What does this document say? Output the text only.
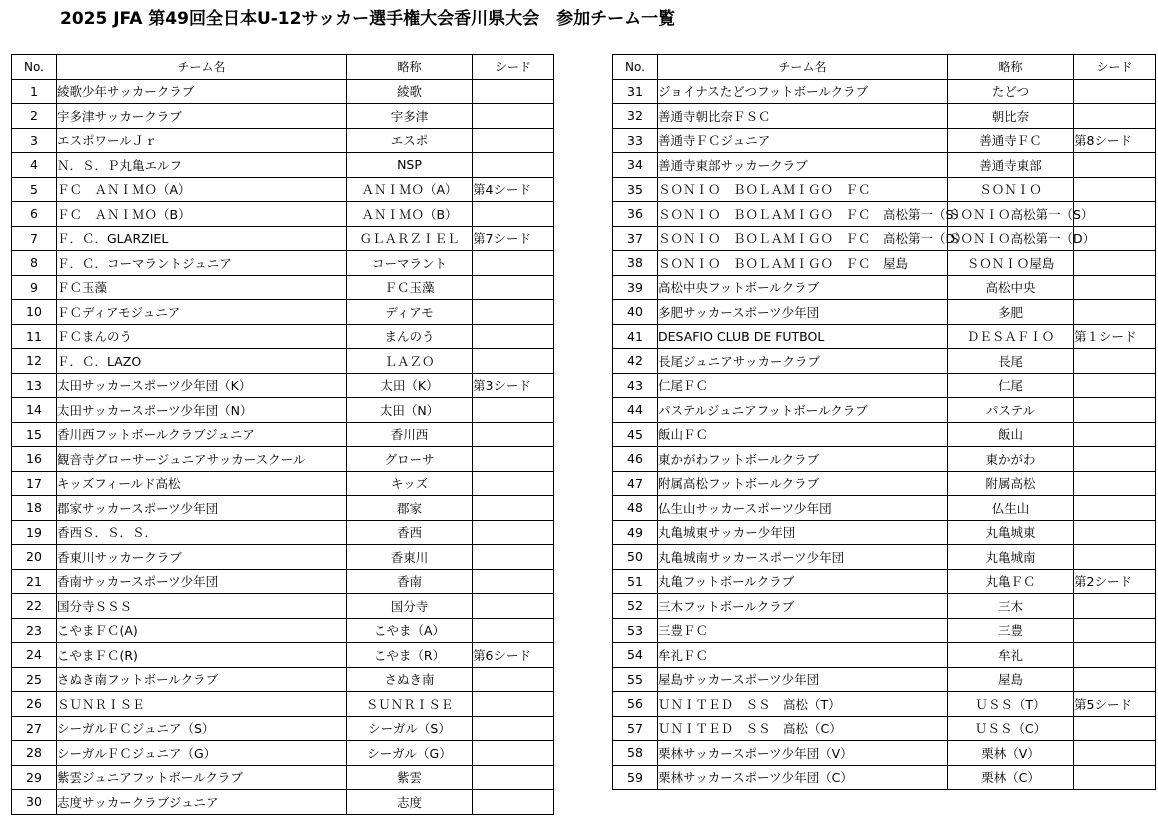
2025 JFA 第49回全日本U-12サッカー選手権大会香川県大会　参加チーム一覧
No.	チーム名	略称	シード
1	綾歌少年サッカークラブ	綾歌	
2	宇多津サッカークラブ	宇多津	
3	エスポワールＪｒ	エスポ	
4	Ｎ．Ｓ．Ｐ丸亀エルフ	NSP	
5	ＦＣ　ＡＮＩＭＯ（A）	ＡＮＩＭＯ（A）	第4シード
6	ＦＣ　ＡＮＩＭＯ（B）	ＡＮＩＭＯ（B）	
7	Ｆ．Ｃ．GLARZIEL	ＧＬＡＲＺＩＥＬ	第7シード
8	Ｆ．Ｃ．コーマラントジュニア	コーマラント	
9	ＦＣ玉藻	ＦＣ玉藻	
10	ＦＣディアモジュニア	ディアモ	
11	ＦＣまんのう	まんのう	
12	Ｆ．Ｃ．LAZO	ＬＡＺＯ	
13	太田サッカースポーツ少年団（K）	太田（K）	第3シード
14	太田サッカースポーツ少年団（N）	太田（N）	
15	香川西フットボールクラブジュニア	香川西	
16	観音寺グローサージュニアサッカースクール	グローサ	
17	キッズフィールド高松	キッズ	
18	郡家サッカースポーツ少年団	郡家	
19	香西Ｓ．Ｓ．Ｓ．	香西	
20	香東川サッカークラブ	香東川	
21	香南サッカースポーツ少年団	香南	
22	国分寺ＳＳＳ	国分寺	
23	こやまＦＣ(A)	こやま（A）	
24	こやまＦＣ(R)	こやま（R）	第6シード
25	さぬき南フットボールクラブ	さぬき南	
26	ＳＵＮＲＩＳＥ	ＳＵＮＲＩＳＥ	
27	シーガルＦＣジュニア（S）	シーガル（S）	
28	シーガルＦＣジュニア（G）	シーガル（G）	
29	紫雲ジュニアフットボールクラブ	紫雲	
30	志度サッカークラブジュニア	志度	
No.	チーム名	略称	シード
31	ジョイナスたどつフットボールクラブ	たどつ	
32	善通寺朝比奈ＦＳＣ	朝比奈	
33	善通寺ＦＣジュニア	善通寺ＦＣ	第8シード
34	善通寺東部サッカークラブ	善通寺東部	
35	ＳＯＮＩＯ　ＢＯＬＡＭＩＧＯ　ＦＣ	ＳＯＮＩＯ	
36	ＳＯＮＩＯ　ＢＯＬＡＭＩＧＯ　ＦＣ　高松第一（S）	ＳＯＮＩＯ高松第一（S）	
37	ＳＯＮＩＯ　ＢＯＬＡＭＩＧＯ　ＦＣ　高松第一（D）	ＳＯＮＩＯ高松第一（D）	
38	ＳＯＮＩＯ　ＢＯＬＡＭＩＧＯ　ＦＣ　屋島	ＳＯＮＩＯ屋島	
39	高松中央フットボールクラブ	高松中央	
40	多肥サッカースポーツ少年団	多肥	
41	DESAFIO CLUB DE FUTBOL	ＤＥＳＡＦＩＯ	第１シード
42	長尾ジュニアサッカークラブ	長尾	
43	仁尾ＦＣ	仁尾	
44	パステルジュニアフットボールクラブ	パステル	
45	飯山ＦＣ	飯山	
46	東かがわフットボールクラブ	東かがわ	
47	附属高松フットボールクラブ	附属高松	
48	仏生山サッカースポーツ少年団	仏生山	
49	丸亀城東サッカー少年団	丸亀城東	
50	丸亀城南サッカースポーツ少年団	丸亀城南	
51	丸亀フットボールクラブ	丸亀ＦＣ	第2シード
52	三木フットボールクラブ	三木	
53	三豊ＦＣ	三豊	
54	牟礼ＦＣ	牟礼	
55	屋島サッカースポーツ少年団	屋島	
56	ＵＮＩＴＥＤ　ＳＳ　高松（T）	ＵＳＳ（T）	第5シード
57	ＵＮＩＴＥＤ　ＳＳ　高松（C）	ＵＳＳ（C）	
58	栗林サッカースポーツ少年団（V）	栗林（V）	
59	栗林サッカースポーツ少年団（C）	栗林（C）	
